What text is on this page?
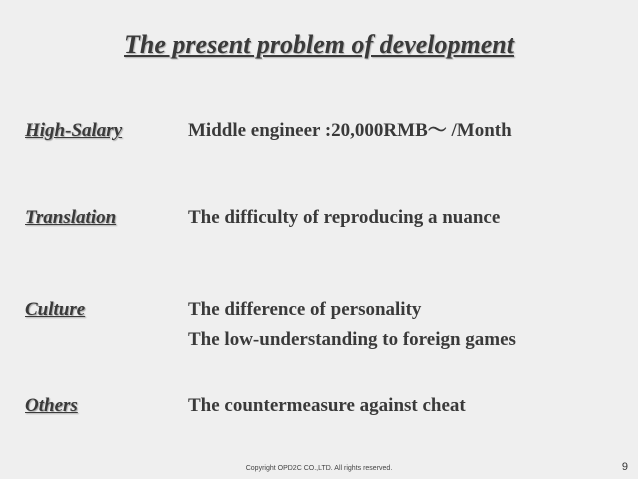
The present problem of development
High-Salary	Middle engineer :20,000RMB～ /Month
Translation	The difficulty of reproducing a nuance
Culture	The difference of personality
The low-understanding to foreign games
Others	The countermeasure against cheat
Copyright OPD2C CO.,LTD. All rights reserved.	9
